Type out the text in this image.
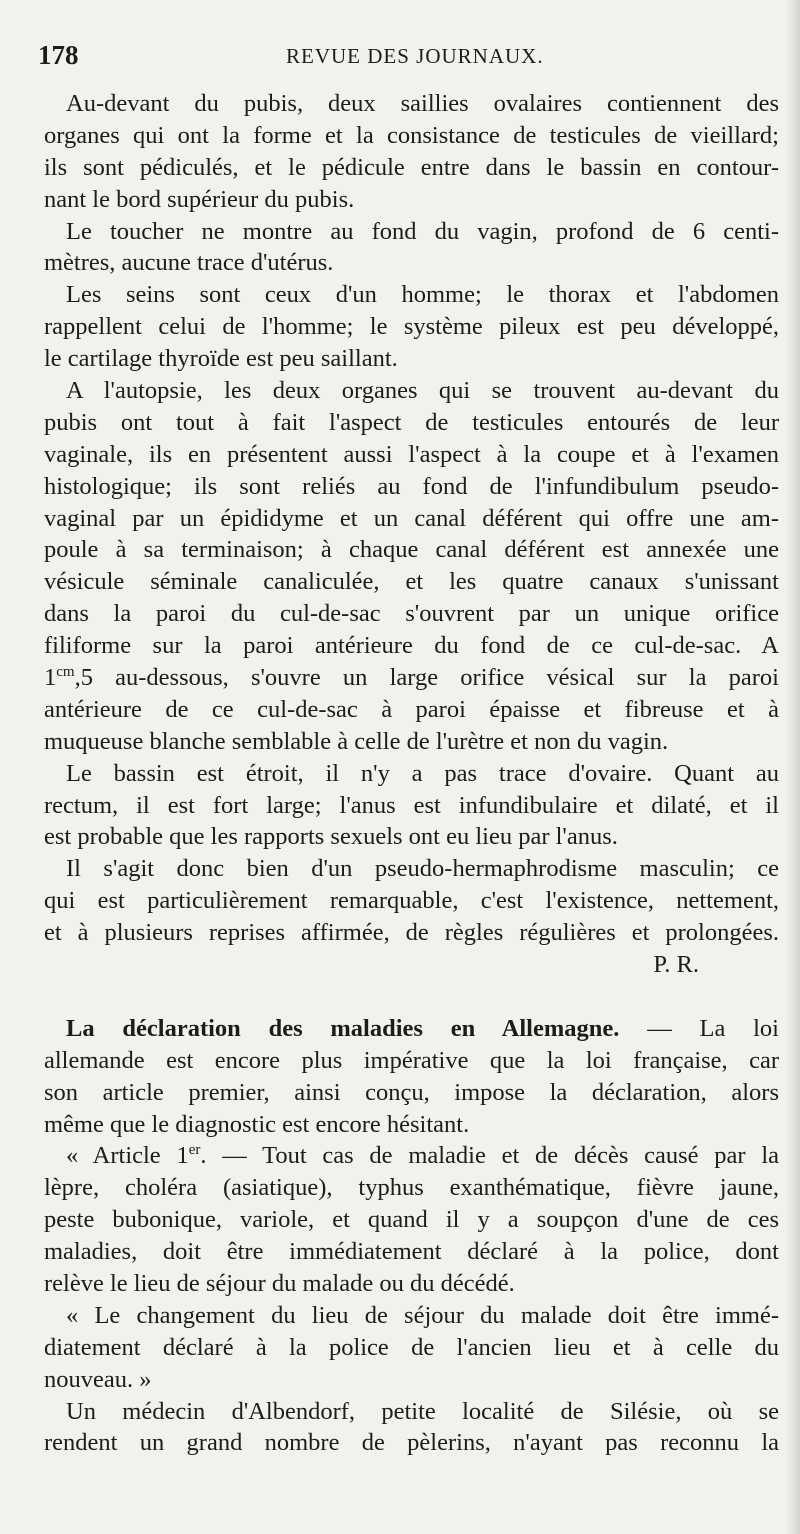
178	REVUE DES JOURNAUX.
Au-devant du pubis, deux saillies ovalaires contiennent des
organes qui ont la forme et la consistance de testicules de vieillard;
ils sont pédiculés, et le pédicule entre dans le bassin en contour-
nant le bord supérieur du pubis.
Le toucher ne montre au fond du vagin, profond de 6 centi-
mètres, aucune trace d'utérus.
Les seins sont ceux d'un homme; le thorax et l'abdomen
rappellent celui de l'homme; le système pileux est peu développé,
le cartilage thyroïde est peu saillant.
A l'autopsie, les deux organes qui se trouvent au-devant du
pubis ont tout à fait l'aspect de testicules entourés de leur
vaginale, ils en présentent aussi l'aspect à la coupe et à l'examen
histologique; ils sont reliés au fond de l'infundibulum pseudo-
vaginal par un épididyme et un canal déférent qui offre une am-
poule à sa terminaison; à chaque canal déférent est annexée une
vésicule séminale canaliculée, et les quatre canaux s'unissant
dans la paroi du cul-de-sac s'ouvrent par un unique orifice
filiforme sur la paroi antérieure du fond de ce cul-de-sac. A
$1^{cm},5$ au-dessous, s'ouvre un large orifice vésical sur la paroi
antérieure de ce cul-de-sac à paroi épaisse et fibreuse et à
muqueuse blanche semblable à celle de l'urètre et non du vagin.
Le bassin est étroit, il n'y a pas trace d'ovaire. Quant au
rectum, il est fort large; l'anus est infundibulaire et dilaté, et il
est probable que les rapports sexuels ont eu lieu par l'anus.
Il s'agit donc bien d'un pseudo-hermaphrodisme masculin; ce
qui est particulièrement remarquable, c'est l'existence, nettement,
et à plusieurs reprises affirmée, de règles régulières et prolongées.
P. R.
La déclaration des maladies en Allemagne. — La loi
allemande est encore plus impérative que la loi française, car
son article premier, ainsi conçu, impose la déclaration, alors
même que le diagnostic est encore hésitant.
« Article 1er. — Tout cas de maladie et de décès causé par la
lèpre, choléra (asiatique), typhus exanthématique, fièvre jaune,
peste bubonique, variole, et quand il y a soupçon d'une de ces
maladies, doit être immédiatement déclaré à la police, dont
relève le lieu de séjour du malade ou du décédé.
« Le changement du lieu de séjour du malade doit être immé-
diatement déclaré à la police de l'ancien lieu et à celle du
nouveau. »
Un médecin d'Albendorf, petite localité de Silésie, où se
rendent un grand nombre de pèlerins, n'ayant pas reconnu la
